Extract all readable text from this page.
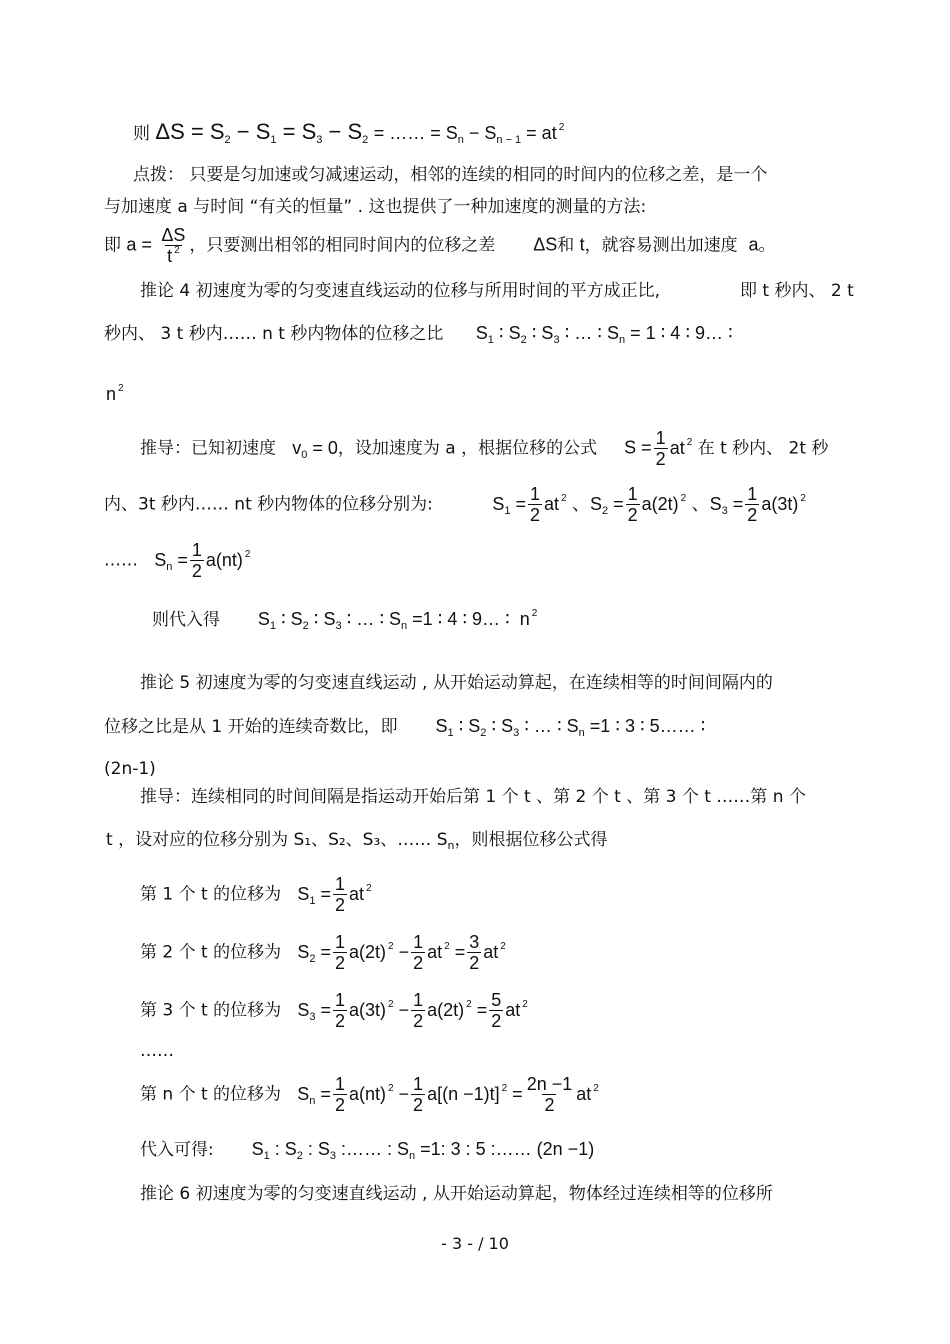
则 $\Delta S = S_2 - S_1 = S_3 - S_2$ = …… = $S_n - S_{n - 1}$ = at $^2$
点拨： 只要是匀加速或匀减速运动，相邻的连续的相同的时间内的位移之差，是一个
与加速度 a 与时间 “有关的恒量” . 这也提供了一种加速度的测量的方法:
即 $a = \frac{\Delta S}{t ^2}$ ，只要测出相邻的相同时间内的位移之差 ΔS和 t，就容易测出加速度 a。
推论 4 初速度为零的匀变速直线运动的位移与所用时间的平方成正比,	即 t 秒内、 2 t
秒内、 3 t 秒内…… n t 秒内物体的位移之比 $S_1$ ∶ $S_2$ ∶ $S_3$ ∶ … ∶ $S_n = 1$ ∶ 4 ∶ 9… ∶
n $^2$
推导：已知初速度 $v_0 = 0$，设加速度为 a ，根据位移的公式 $S = \frac{1}{2}$ at $^2$ 在 t 秒内、 2t 秒
内、3t 秒内…… nt 秒内物体的位移分别为:	$S_1 = \frac{1}{2}$ at $^2$ 、$S_2 = \frac{1}{2} a(2t)$ $^2$ 、$S_3 = \frac{1}{2} a(3t)$ $^2$
…… $S_n = \frac{1}{2} a(nt)$ $^2$
则代入得 $S_1$ ∶ $S_2$ ∶ $S_3$ ∶ … ∶ $S_n =1$ ∶ 4 ∶ 9… ∶ n $^2$
推论 5 初速度为零的匀变速直线运动 , 从开始运动算起，在连续相等的时间间隔内的
位移之比是从 1 开始的连续奇数比，即 $S_1$ ∶ $S_2$ ∶ $S_3$ ∶ … ∶ $S_n =1$ ∶ 3 ∶ 5…… ∶
(2n-1)
推导：连续相同的时间间隔是指运动开始后第 1 个 t 、第 2 个 t 、第 3 个 t ……第 n 个
t ，设对应的位移分别为 S₁、S₂、S₃、…… $S_n$，则根据位移公式得
第 1 个 t 的位移为 $S_1 = \frac{1}{2}$ at $^2$
第 2 个 t 的位移为 $S_2 = \frac{1}{2} a(2t) ^2 - \frac{1}{2}$ at $^2 = \frac{3}{2}$ at $^2$
第 3 个 t 的位移为 $S_3 = \frac{1}{2} a(3t) ^2 - \frac{1}{2} a(2t) ^2 = \frac{5}{2}$ at $^2$
……
第 n 个 t 的位移为 $S_n = \frac{1}{2} a(nt) ^2 - \frac{1}{2} a[(n -1)t] ^2 = \frac{2n -1}{2}$ at $^2$
代入可得: $S_1$ : $S_2$ : $S_3$ :…… : $S_n =1$: 3 : 5 :…… (2n −1)
推论 6 初速度为零的匀变速直线运动 , 从开始运动算起，物体经过连续相等的位移所
- 3 - / 10
